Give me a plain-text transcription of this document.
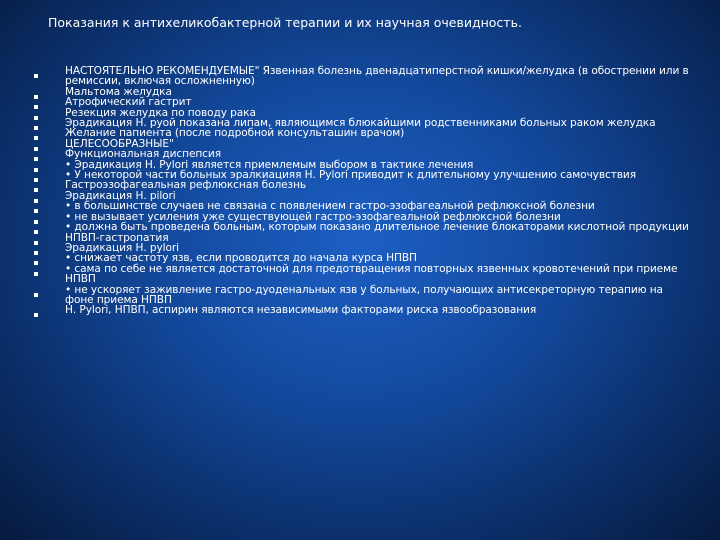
Показания к антихеликобактерной терапии и их научная очевидность.
НАСТОЯТЕЛЬНО РЕКОМЕНДУЕМЫЕ" Язвенная болезнь двенадцатиперстной кишки/желудка (в обострении или в ремиссии, включая осложненную)
Мальтома желудка
Атрофический гастрит
Резекция желудка по поводу рака
Эрадикация Н. руой показана липам, являющимся блюкайшими родственниками больных раком желудка
Желание папиента (после подробной консульташин врачом)
ЦЕЛЕСООБРАЗНЫЕ"
Функциональная диспепсия
• Эрадикация Н. Pylori является приемлемым выбором в тактике лечения
• У некоторой части больных эралкиацияя Н. Pylori приводит к длительному улучшению самочувствия
Гастроэзофагеальная рефлюксная болезнь
Эрадикация Н. pilori
• в большинстве случаев не связана с появлением гастро-эзофагеальной рефлюксной болезни
• не вызывает усиления уже существующей гастро-эзофагеальной рефлюксной болезни
• должна быть проведена больным, которым показано длительное лечение блокаторами кислотной продукции
НПВП-гастропатия
Эрадикация Н. pylori
• снижает частоту язв, если проводится до начала курса НПВП
• сама по себе не является достаточной для предотвращения повторных язвенных кровотечений при приеме НПВП
• не ускоряет заживление гастро-дуоденальных язв у больных, получающих антисекреторную терапию на фоне приема НПВП
Н. Pylori, НПВП, аспирин являются независимыми факторами риска язвообразования
